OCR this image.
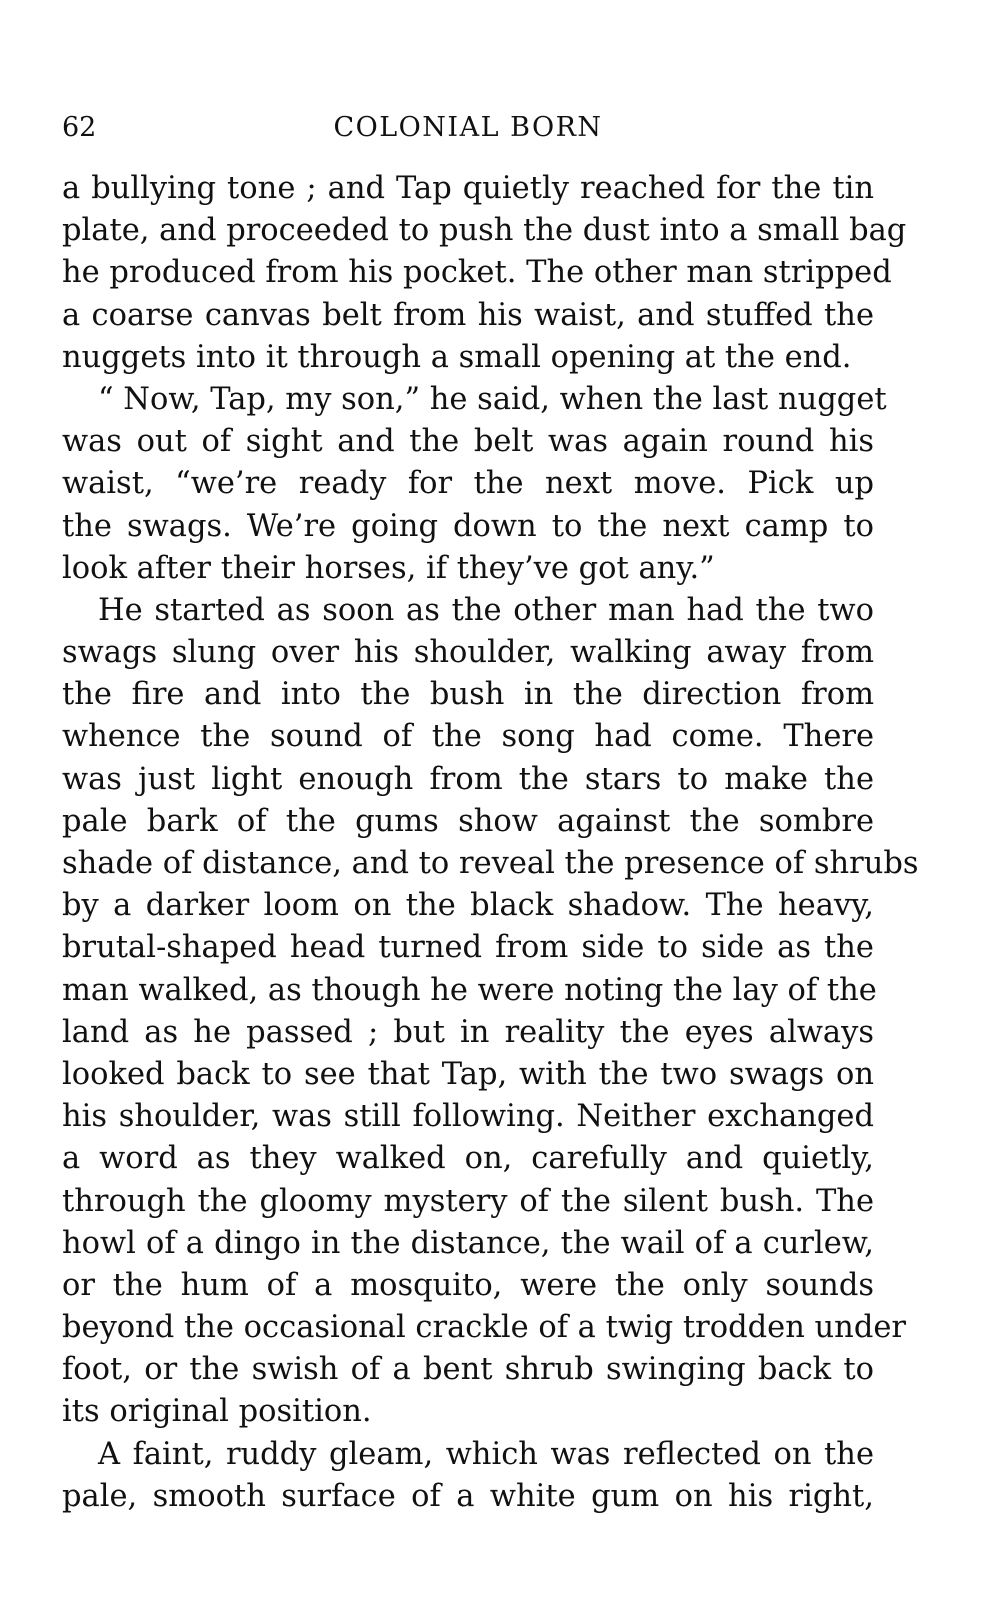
62	COLONIAL BORN
a bullying tone ; and Tap quietly reached for the tin
plate, and proceeded to push the dust into a small bag
he produced from his pocket. The other man stripped
a coarse canvas belt from his waist, and stuffed the
nuggets into it through a small opening at the end.
“ Now, Tap, my son,” he said, when the last nugget
was out of sight and the belt was again round his
waist, “we’re ready for the next move. Pick up
the swags. We’re going down to the next camp to
look after their horses, if they’ve got any.”
He started as soon as the other man had the two
swags slung over his shoulder, walking away from
the fire and into the bush in the direction from
whence the sound of the song had come. There
was just light enough from the stars to make the
pale bark of the gums show against the sombre
shade of distance, and to reveal the presence of shrubs
by a darker loom on the black shadow. The heavy,
brutal-shaped head turned from side to side as the
man walked, as though he were noting the lay of the
land as he passed ; but in reality the eyes always
looked back to see that Tap, with the two swags on
his shoulder, was still following. Neither exchanged
a word as they walked on, carefully and quietly,
through the gloomy mystery of the silent bush. The
howl of a dingo in the distance, the wail of a curlew,
or the hum of a mosquito, were the only sounds
beyond the occasional crackle of a twig trodden under
foot, or the swish of a bent shrub swinging back to
its original position.
A faint, ruddy gleam, which was reflected on the
pale, smooth surface of a white gum on his right,
